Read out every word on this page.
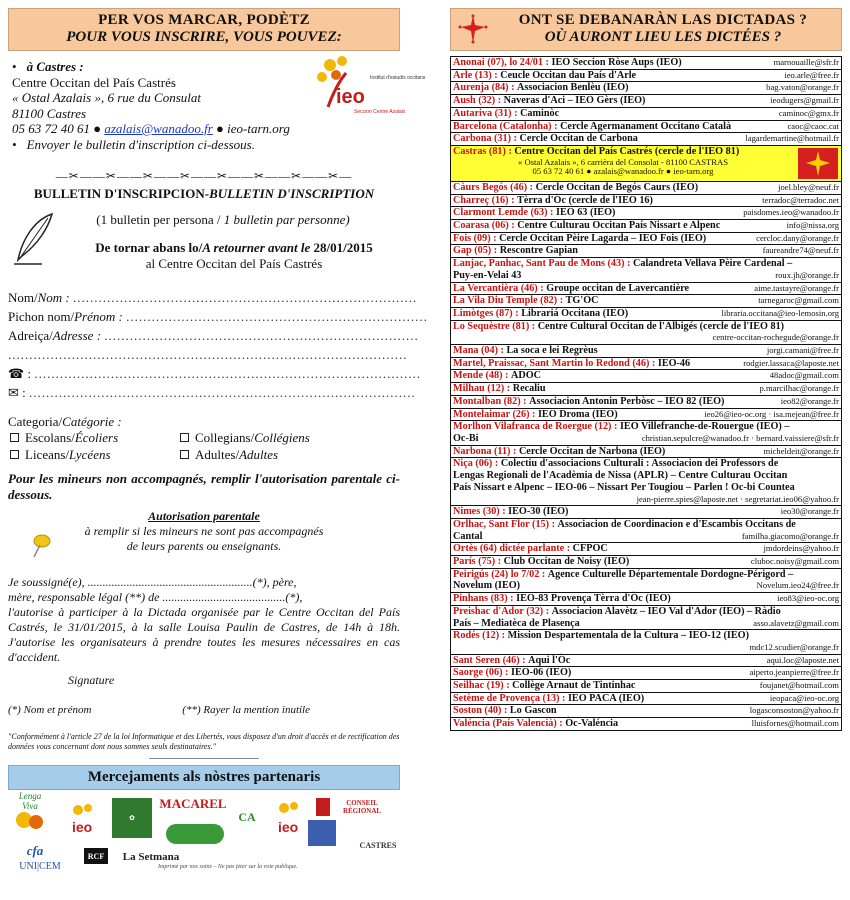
PER VOS MARCAR, PODÈTZ
POUR VOUS INSCRIRE, VOUS POUVEZ:
• à Castres :
Centre Occitan del País Castrés
« Ostal Azalais », 6 rue du Consulat
81100 Castres
05 63 72 40 61 ● azalais@wanadoo.fr ● ieo-tarn.org
• Envoyer le bulletin d'inscription ci-dessous.
ieo
Institut d'estudis occitans
Seccion Centre Azalais
—✂——✂——✂——✂——✂——✂——✂——✂—
BULLETIN D'INSCRIPCION-BULLETIN D'INSCRIPTION
(1 bulletin per persona / 1 bulletin par personne)
De tornar abans lo/A retourner avant le 28/01/2015
al Centre Occitan del País Castrés
Nom/Nom : .................................................................................
Pichon nom/Prénom : .......................................................................
Adreiça/Adresse : ..........................................................................
..............................................................................................
☎ : ...........................................................................................
✉ : ...........................................................................................
Categoria/Catégorie :
Escolans/Écoliers	Collegians/Collégiens
Liceans/Lycéens	Adultes/Adultes
Pour les mineurs non accompagnés, remplir l'autorisation parentale ci-dessous.
Autorisation parentale
à remplir si les mineurs ne sont pas accompagnés
de leurs parents ou enseignants.
Je soussigné(e), .......................................................(*), père,
mère, responsable légal (**) de .........................................(*),
l'autorise à participer à la Dictada organisée par le Centre Occitan del País Castrés, le 31/01/2015, à la salle Louisa Paulin de Castres, de 14h à 18h. J'autorise les organisateurs à prendre toutes les mesures nécessaires en cas d'accident.
Signature
(*) Nom et prénom	(**) Rayer la mention inutile
"Conformément à l'article 27 de la loi Informatique et des Libertés, vous disposez d'un droit d'accès et de rectification des données vous concernant dont nous sommes seuls destinataires."
Mercejaments als nòstres partenaris
Lenga Viva
ieo
✿
MACAREL
CA
ieo
CONSEIL RÉGIONAL
cfa
UNI|CEM
RCF	La Setmana
CASTRES
Imprimé par nos soins – Ne pas jeter sur la voie publique.
ONT SE DEBANARÀN LAS DICTADAS ?
OÙ AURONT LIEU LES DICTÉES ?
Anonai (07), lo 24/01 : IEO Seccion Ròse Aups (IEO)	marnouaille@sfr.fr
Arle (13) : Ceucle Occitan dau País d'Arle	ieo.arle@free.fr
Aurenja (84) : Associacion Benlèu (IEO)	bag.vaton@orange.fr
Aush (32) : Naveras d'Aci – IEO Gèrs (IEO)	ieodugers@gmail.fr
Autariva (31) : Caminòc	caminoc@gmx.fr
Barcelona (Catalonha) : Cercle Agermanament Occitano Català	caoc@caoc.cat
Carbona (31) : Cercle Occitan de Carbona	lagardemartine@hotmail.fr
Castras (81) :
Centre Occitan del País Castrés (cercle de l'IEO 81)
« Ostal Azalais », 6 carrièra del Consolat - 81100 CASTRAS
05 63 72 40 61 ● azalais@wanadoo.fr ● ieo-tarn.org
Càurs Begós (46) : Cercle Occitan de Begós Caurs (IEO)	joel.bley@neuf.fr
Charreç (16) : Tèrra d'Òc (cercle de l'IEO 16)	terradoc@terradoc.net
Clarmont Lemde (63) : IEO 63 (IEO)	paisdomes.ieo@wanadoo.fr
Coarasa (06) : Centre Culturau Occitan País Nissart e Alpenc	info@nissa.org
Fois (09) : Cercle Occitan Pèire Lagarda – IEO Fois (IEO)	cercloc.dany@orange.fr
Gap (05) : Rescontre Gapian	faureandre74@neuf.fr
Lanjac, Panhac, Sant Pau de Mons (43) :
Calandreta Vellava Pèire Cardenal –
Puy-en-Velai 43	roux.jh@orange.fr
La Vercantièra (46) : Groupe occitan de Lavercantière	aime.tastayre@orange.fr
La Vila Diu Temple (82) : TG'ÒC	tarnegaroc@gmail.com
Limòtges (87) : Librariá Occitana (IEO)	libraria.occitana@ieo-lemosin.org
Lo Sequèstre (81) :
Centre Cultural Occitan de l'Albigés (cercle de l'IEO 81)
centre-occitan-rochegude@orange.fr
Mana (04) : La soca e lei Regrèus	jorgi.camani@free.fr
Martel, Praissac, Sant Martin lo Redond (46) : IEO-46	rodgier.lassaca@laposte.net
Mende (48) : ADOC	48adoc@gmail.com
Milhau (12) : Recaliu	p.marcilhac@orange.fr
Montalban (82) : Associacion Antonin Perbòsc – IEO 82 (IEO)	ieo82@orange.fr
Montelaimar (26) : IEO Droma (IEO)	ieo26@ieo-oc.org · isa.mejean@free.fr
Morlhon Vilafranca de Roergue (12) :
IEO Villefranche-de-Rouergue (IEO) –
Oc-Bi	christian.sepulcre@wanadoo.fr · bernard.vaissiere@sfr.fr
Narbona (11) : Cercle Occitan de Narbona (IEO)	micheldeit@orange.fr
Niça (06) :
Colectiu d'associacions Culturali : Associacion dei Professors de
Lengas Regionali de l'Acadèmia de Nissa (APLR) – Centre Culturau Occitan
País Nissart e Alpenc – IEO-06 – Nissart Per Tougiou – Parlen ! Oc-bi Countea
jean-pierre.spies@laposte.net · segretariat.ieo06@yahoo.fr
Nimes (30) : IEO-30 (IEO)	ieo30@orange.fr
Orlhac, Sant Flor (15) :
Associacion de Coordinacion e d'Escambis Occitans de
Cantal	familha.giacomo@orange.fr
Ortès (64) dictée parlante : CFPOC	jmdordeins@yahoo.fr
París (75) : Club Occitan de Noisy (IEO)	cluboc.noisy@gmail.com
Peirigús (24) lo 7/02 :
Agence Culturelle Départementale Dordogne-Périgord –
Novelum (IEO)	Novelum.ieo24@free.fr
Pinhans (83) : IEO-83 Provença Tèrra d'Òc (IEO)	ieo83@ieo-oc.org
Preishac d'Ador (32) :
Associacion Alavètz – IEO Val d'Ador (IEO) – Ràdio
País – Mediatèca de Plasença	asso.alavetz@gmail.com
Rodés (12) :
Mission Despartementala de la Cultura – IEO-12 (IEO)
mdc12.scudier@orange.fr
Sant Seren (46) : Aqui l'Òc	aqui.loc@laposte.net
Saorge (06) : IEO-06 (IEO)	aiperto.jeanpierre@free.fr
Seilhac (19) : Collège Arnaut de Tintinhac	foujanet@hotmail.com
Setème de Provença (13) : IEO PACA (IEO)	ieopaca@ieo-oc.org
Soston (40) : Lo Gascon	logasconsoston@yahoo.fr
Valéncia (País Valencià) : Òc-Valéncia	lluisfornes@hotmail.com
